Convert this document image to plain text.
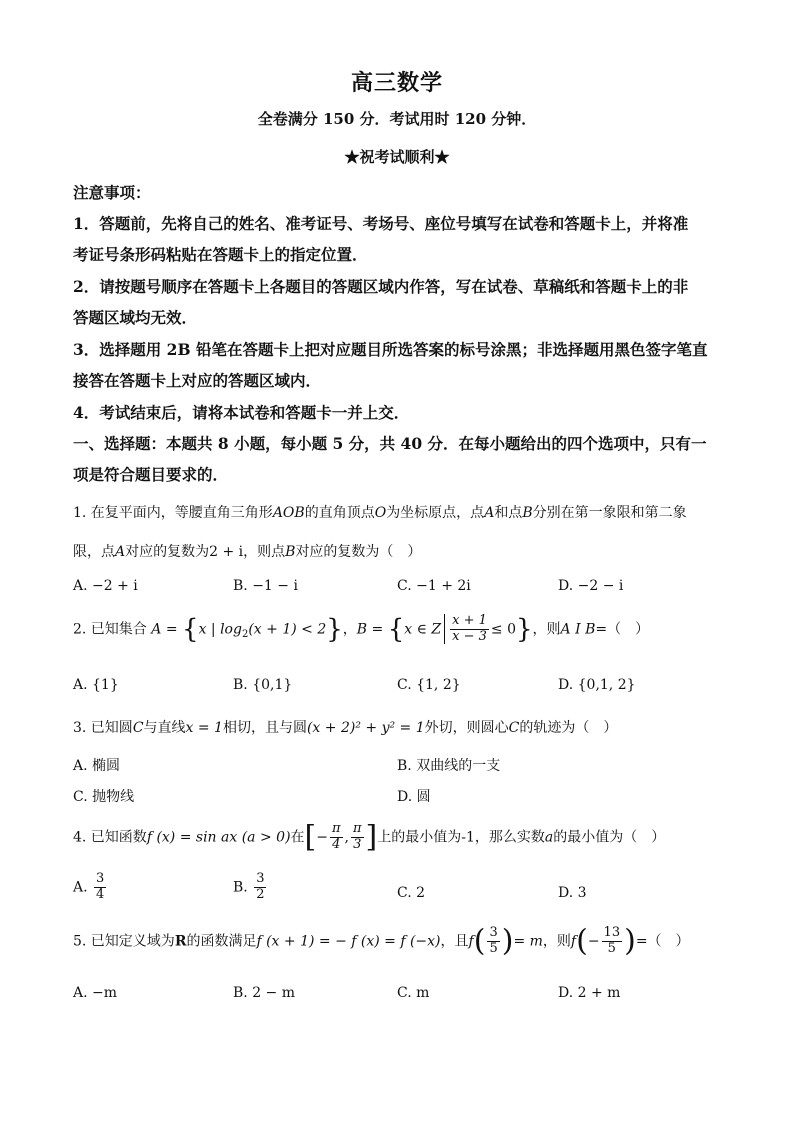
高三数学
全卷满分 150 分．考试用时 120 分钟．
★祝考试顺利★
注意事项：
1．答题前，先将自己的姓名、准考证号、考场号、座位号填写在试卷和答题卡上，并将准
考证号条形码粘贴在答题卡上的指定位置．
2．请按题号顺序在答题卡上各题目的答题区域内作答，写在试卷、草稿纸和答题卡上的非
答题区域均无效．
3．选择题用 2B 铅笔在答题卡上把对应题目所选答案的标号涂黑；非选择题用黑色签字笔直
接答在答题卡上对应的答题区域内．
4．考试结束后，请将本试卷和答题卡一并上交．
一、选择题：本题共 8 小题，每小题 5 分，共 40 分．在每小题给出的四个选项中，只有一
项是符合题目要求的．
1. 在复平面内，等腰直角三角形AOB的直角顶点O为坐标原点，点A和点B分别在第一象限和第二象
限，点A对应的复数为2 + i，则点B对应的复数为（　）
A. −2 + i	B. −1 − i	C. −1 + 2i	D. −2 − i
2. 已知集合 A = {x | $\log_2(x + 1) < 2$}，B = {x ∈ Z $\frac{x + 1}{x - 3} \le 0$}，则A I B=（　）
A. {1}	B. {0,1}	C. {1, 2}	D. {0,1, 2}
3. 已知圆C与直线x = 1相切，且与圆(x + 2)² + y² = 1外切，则圆心C的轨迹为（　）
A. 椭圆	B. 双曲线的一支
C. 抛物线	D. 圆
4. 已知函数f (x) = sin ax (a > 0)在[− $\frac{\pi}{4}$ , $\frac{\pi}{3}$ ]上的最小值为-1，那么实数a的最小值为（　）
A. $\frac{3}{4}$	B. $\frac{3}{2}$	C. 2	D. 3
5. 已知定义域为R的函数满足f (x + 1) = − f (x) = f (−x)，且$f( \frac{3}{5}$ )= m，则$f(- \frac{13}{5}$ )=（　）
A. −m	B. 2 − m	C. m	D. 2 + m
